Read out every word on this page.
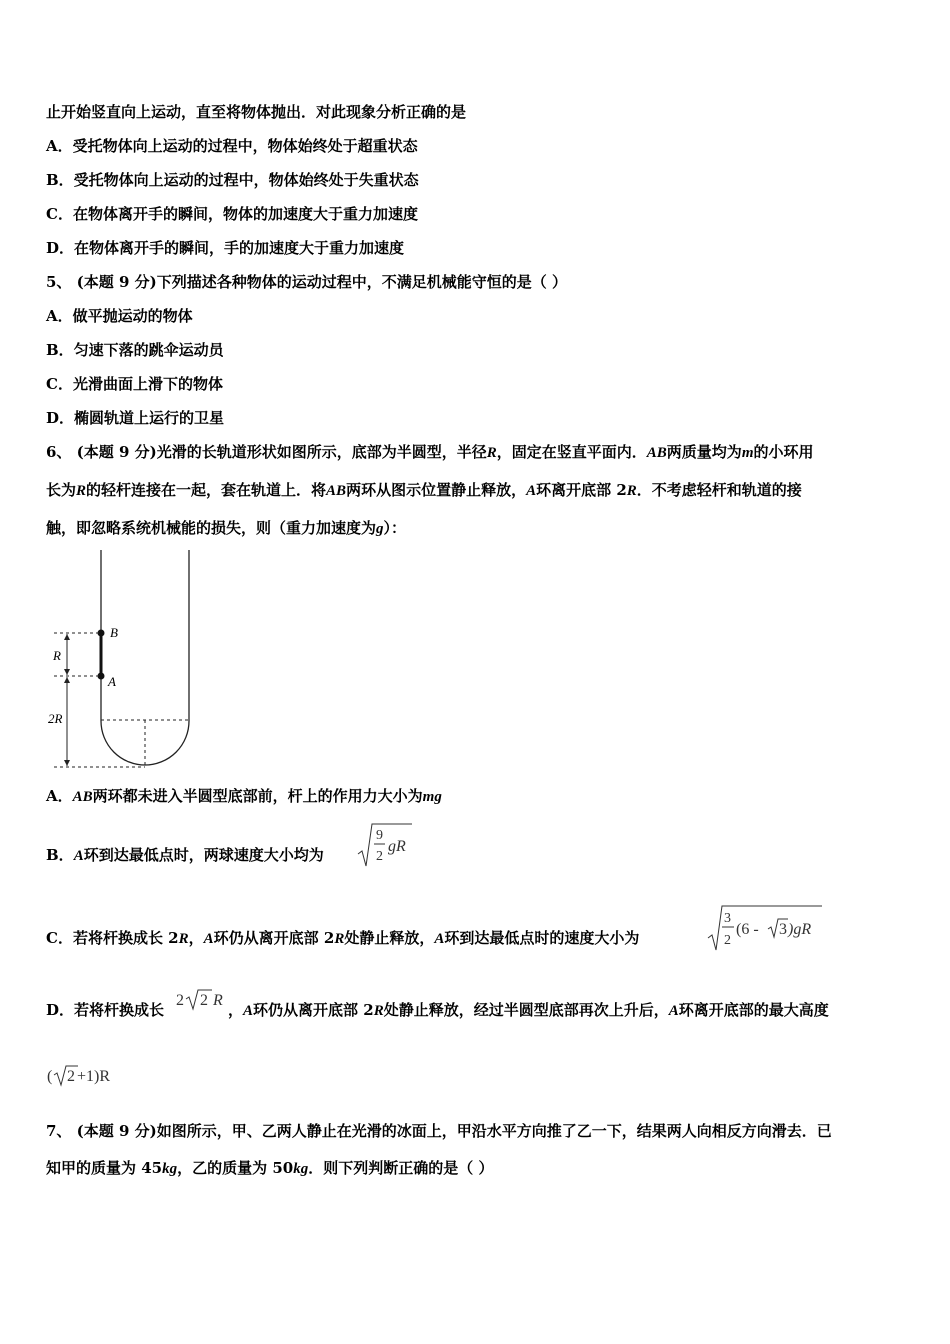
止开始竖直向上运动，直至将物体抛出．对此现象分析正确的是
A．受托物体向上运动的过程中，物体始终处于超重状态
B．受托物体向上运动的过程中，物体始终处于失重状态
C．在物体离开手的瞬间，物体的加速度大于重力加速度
D．在物体离开手的瞬间，手的加速度大于重力加速度
5、 (本题 9 分)下列描述各种物体的运动过程中，不满足机械能守恒的是（ ）
A．做平抛运动的物体
B．匀速下落的跳伞运动员
C．光滑曲面上滑下的物体
D．椭圆轨道上运行的卫星
6、 (本题 9 分)光滑的长轨道形状如图所示，底部为半圆型，半径R，固定在竖直平面内．AB两质量均为m的小环用
长为R的轻杆连接在一起，套在轨道上．将AB两环从图示位置静止释放，A环离开底部 2R．不考虑轻杆和轨道的接
触，即忽略系统机械能的损失，则（重力加速度为g）：
B
A
R
2R
A．AB两环都未进入半圆型底部前，杆上的作用力大小为mg
B．A环到达最低点时，两球速度大小均为
9
2
gR
C．若将杆换成长 2R，A环仍从离开底部 2R处静止释放，A环到达最低点时的速度大小为
3
2
(6 - 3 )gR
D．若将杆换成长	，A环仍从离开底部 2R处静止释放，经过半圆型底部再次上升后，A环离开底部的最大高度
2 2 R
( 2 +1)R
7、 (本题 9 分)如图所示，甲、乙两人静止在光滑的冰面上，甲沿水平方向推了乙一下，结果两人向相反方向滑去．已
知甲的质量为 45kg，乙的质量为 50kg．则下列判断正确的是（ ）
